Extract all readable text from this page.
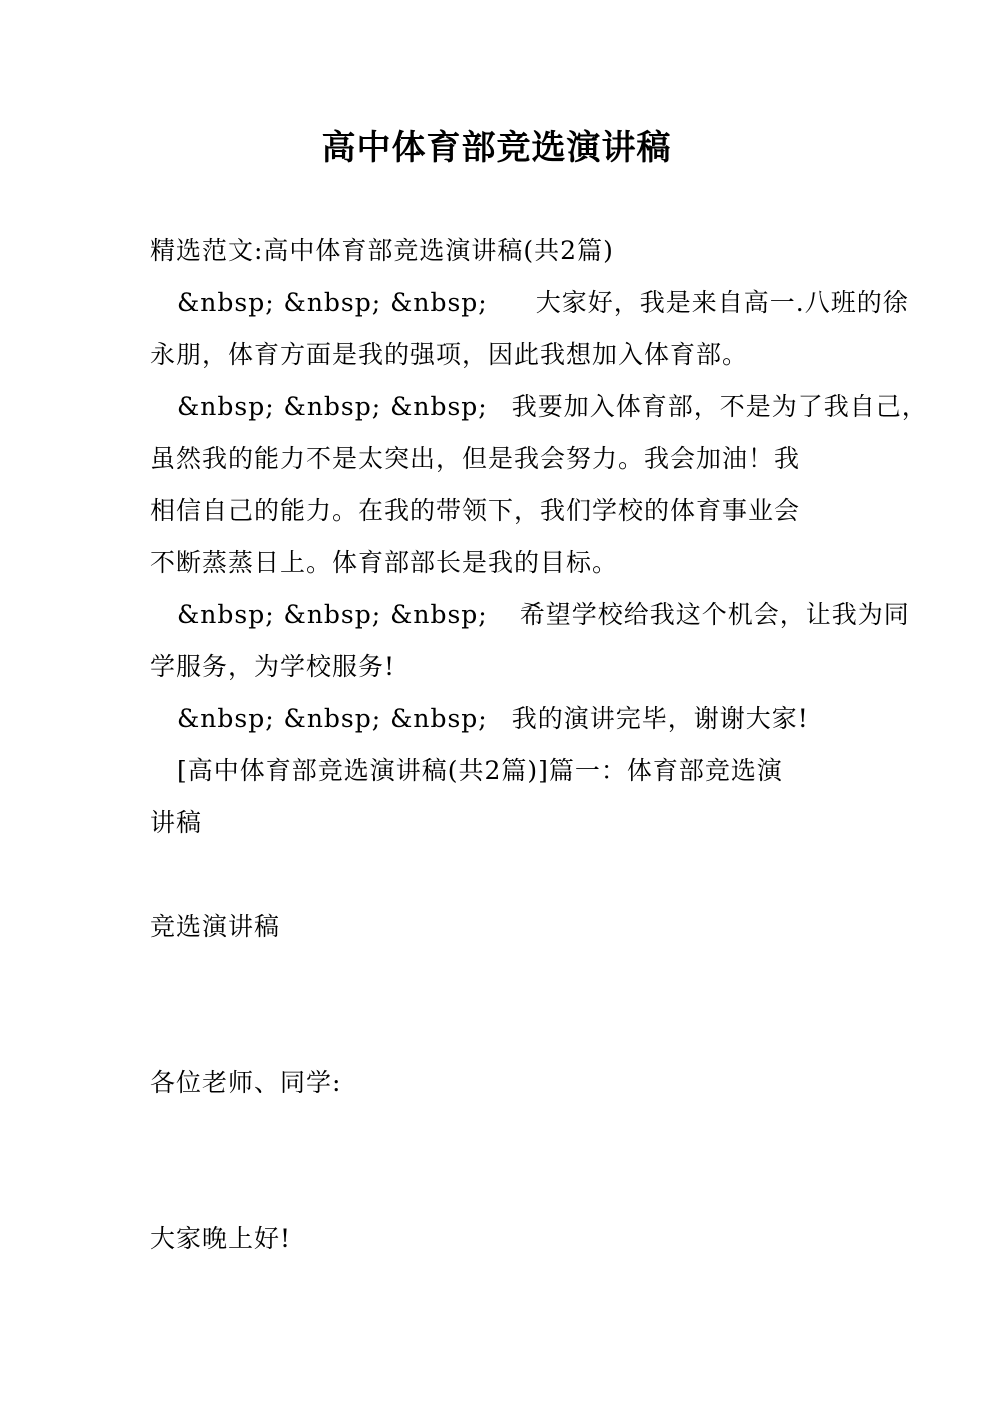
高中体育部竞选演讲稿
精选范文:高中体育部竞选演讲稿(共2篇)
&nbsp; &nbsp; &nbsp; 大家好，我是来自高一.八班的徐
永朋，体育方面是我的强项，因此我想加入体育部。
&nbsp; &nbsp; &nbsp; 我要加入体育部，不是为了我自己，
虽然我的能力不是太突出，但是我会努力。我会加油！我
相信自己的能力。在我的带领下，我们学校的体育事业会
不断蒸蒸日上。体育部部长是我的目标。
&nbsp; &nbsp; &nbsp; 希望学校给我这个机会，让我为同
学服务，为学校服务!
&nbsp; &nbsp; &nbsp; 我的演讲完毕，谢谢大家!
[高中体育部竞选演讲稿(共2篇)]篇一：体育部竞选演
讲稿
竞选演讲稿
各位老师、同学:
大家晚上好!
